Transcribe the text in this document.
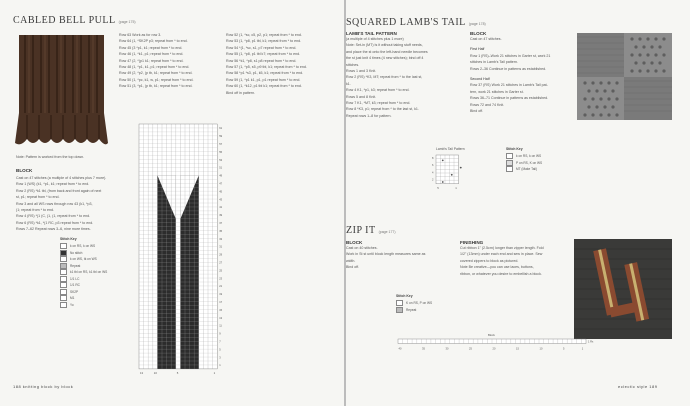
CABLED BELL PULL (page 175)
Note: Pattern is worked from the top down.
BLOCK

Cast on 47 stitches (a multiple of 4 stitches plus 7 more).

Row 1 (WS) (k1, *p1, k1; repeat from * to end.

Row 2 (RS) *k1 tbl, (from back and front again of next

st, p1; repeat from * to end.

Row 3 and all WS rows through row 43 (k1, *p3,

(1; repeat from * to end.

Row 4 (RS) *(1 (C, (1, (1, repeat from * to end.

Row 6 (RS) *k1, *(1 RC, p3 repeat from * to end.

Rows 7–62 Repeat rows 3–6, nine more times.

Stitch Key
k on RS, k on WS
No stitch
k on WS, tk on WS
Repeat
k1 tbl on RS, k1 tbl on WS
1/1 LC
1/1 RC
SK2P
M1
Yo

Row 63 Work as for row 3.

Row 64 (1, *SK2P p3; repeat from * to end.

Row 45 (3 *p1, k1; repeat from * to end.

Row 46 (1, *k1, p1; repeat from * to end.

Row 47 (2, *(p1 k1; repeat from * to end.

Row 48 (1, *p1, k1, p1; repeat from * to end.

Row 49 (2, *p2, (p tb, k1; repeat from * to end.

Row 50 (1, *pc, k1, w, p1; repeat from * to end.

Row 51 (3, *p1, (p tb, k1; repeat from * to end.

Row 52 (1, *sc, c5, p2, p1; repeat from * to end.

Row 53 (1, *p8, p1 tbl, k1; repeat from * to end.

Row 54 *(1, *sc, s1, p7 repeat from * to end.

Row 55 (1, *p8, p1 tbl k7; repeat from * to end.

Row 56 *k1, *p8, s1 p8 repeat from * to end.

Row 57 (1, *p5, s5, p9 tbl, k1; repeat from * to end.

Row 58 *p1 *s3, p1, k5, k1; repeat from * to end.

Row 59 (1, *p1 k1, p1, p1 repeat from * to end.

Row 60 (1, *k12, p1 tbl k1; repeat from * to end.

Bind off in pattern.

61
59
57
55
53
51
49
47
45
43
41
39
37
35
33
31
29
27
25
23
21
19
17
15
13
11
9
7
5
3
1
13	10	5	1
188 knitting block by block
SQUARED LAMB'S TAIL (page 178)
LAMB'S TAIL PATTERN

(a multiple of 4 stitches plus 1 more)

Note: Set-in (MT) Is it without taking stuff needs,

and place the st onto the left-hand needle becomes

the st just knit 4 times (4 new stitches); bind off 4

stitches.

Rows 1 and 3 Knit.

Row 2 (RS) *K3, MT; repeat from * to the last st,

k1.

Row 4 K1, *p1, k3; repeat from * to end.

Rows 5 and 8 Knit.

Row 7 K1, *MT, k3; repeat from * to end.

Row 8 *K3, p1; repeat from * to the last st, k1.

Repeat rows 1–8 for pattern.

BLOCK

Cast on 47 stitches.

First Half

Row 1 (RS)–Work 21 stitches in Garter st, work 21

stitches in Lamb's Tail pattern.

Rows 2–36 Continue in patterns as established.

Second Half

Row 37 (RS) Work 21 stitches in Lamb's Tail pat-

tern, work 21 stitches in Garter st.

Rows 36–71 Continue in patterns as established.

Rows 72 and 74 Knit.

Bind off.

Lamb's Tail Pattern
8
6
4
2
5	1
Stitch Key
k on RS, k on WS
P on RS, K on WS
MT (Make Tail)
ZIP IT (page 177)
BLOCK

Cast on 40 stitches.

Work in St st until block length measures same as

width.

Bind off.

FINISHING

Cut ribbon 1" (2.5cm) longer than zipper length. Fold

1/2" (13mm) under each end and sew in place. Sew

covered zippers to block as pictured.

Note Be creative—you can use laces, buttons,

ribbon, or whatever you desire to embellish a block.

Stitch Key
K on RS, P on WS
Repeat
Block
1 Rs
40	35	30	25	20	15	10	5	1
eclectic style 189
